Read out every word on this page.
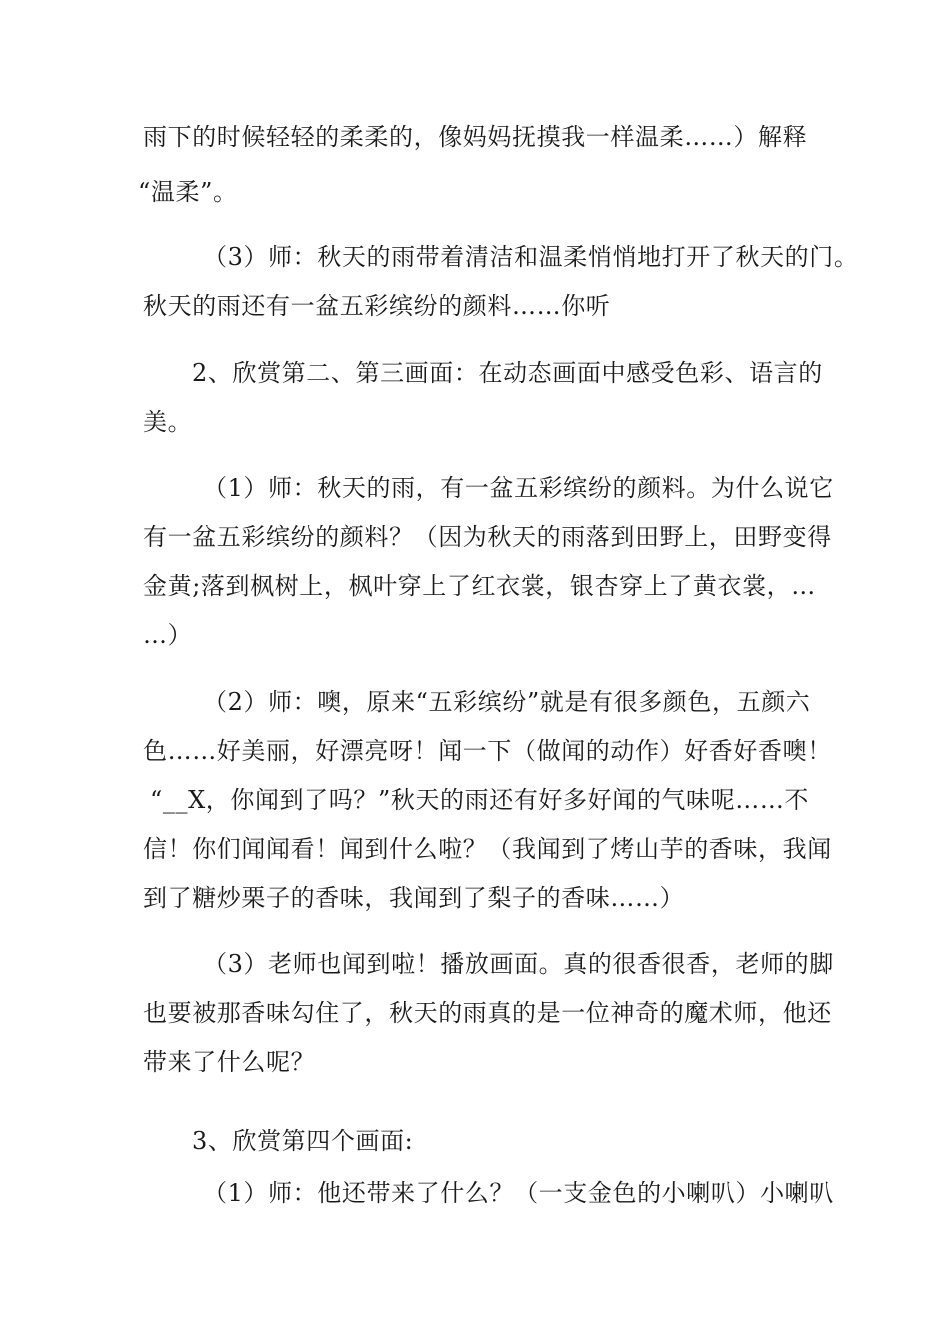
雨下的时候轻轻的柔柔的，像妈妈抚摸我一样温柔……）解释
“温柔”。
（3）师：秋天的雨带着清洁和温柔悄悄地打开了秋天的门。
秋天的雨还有一盆五彩缤纷的颜料……你听
2、欣赏第二、第三画面：在动态画面中感受色彩、语言的
美。
（1）师：秋天的雨，有一盆五彩缤纷的颜料。为什么说它
有一盆五彩缤纷的颜料？（因为秋天的雨落到田野上，田野变得
金黄;落到枫树上，枫叶穿上了红衣裳，银杏穿上了黄衣裳，…
…）
（2）师：噢，原来“五彩缤纷”就是有很多颜色，五颜六
色……好美丽，好漂亮呀！闻一下（做闻的动作）好香好香噢！
“__X，你闻到了吗？”秋天的雨还有好多好闻的气味呢……不
信！你们闻闻看！闻到什么啦？（我闻到了烤山芋的香味，我闻
到了糖炒栗子的香味，我闻到了梨子的香味……）
（3）老师也闻到啦！播放画面。真的很香很香，老师的脚
也要被那香味勾住了，秋天的雨真的是一位神奇的魔术师，他还
带来了什么呢？
3、欣赏第四个画面:
（1）师：他还带来了什么？（一支金色的小喇叭）小喇叭
